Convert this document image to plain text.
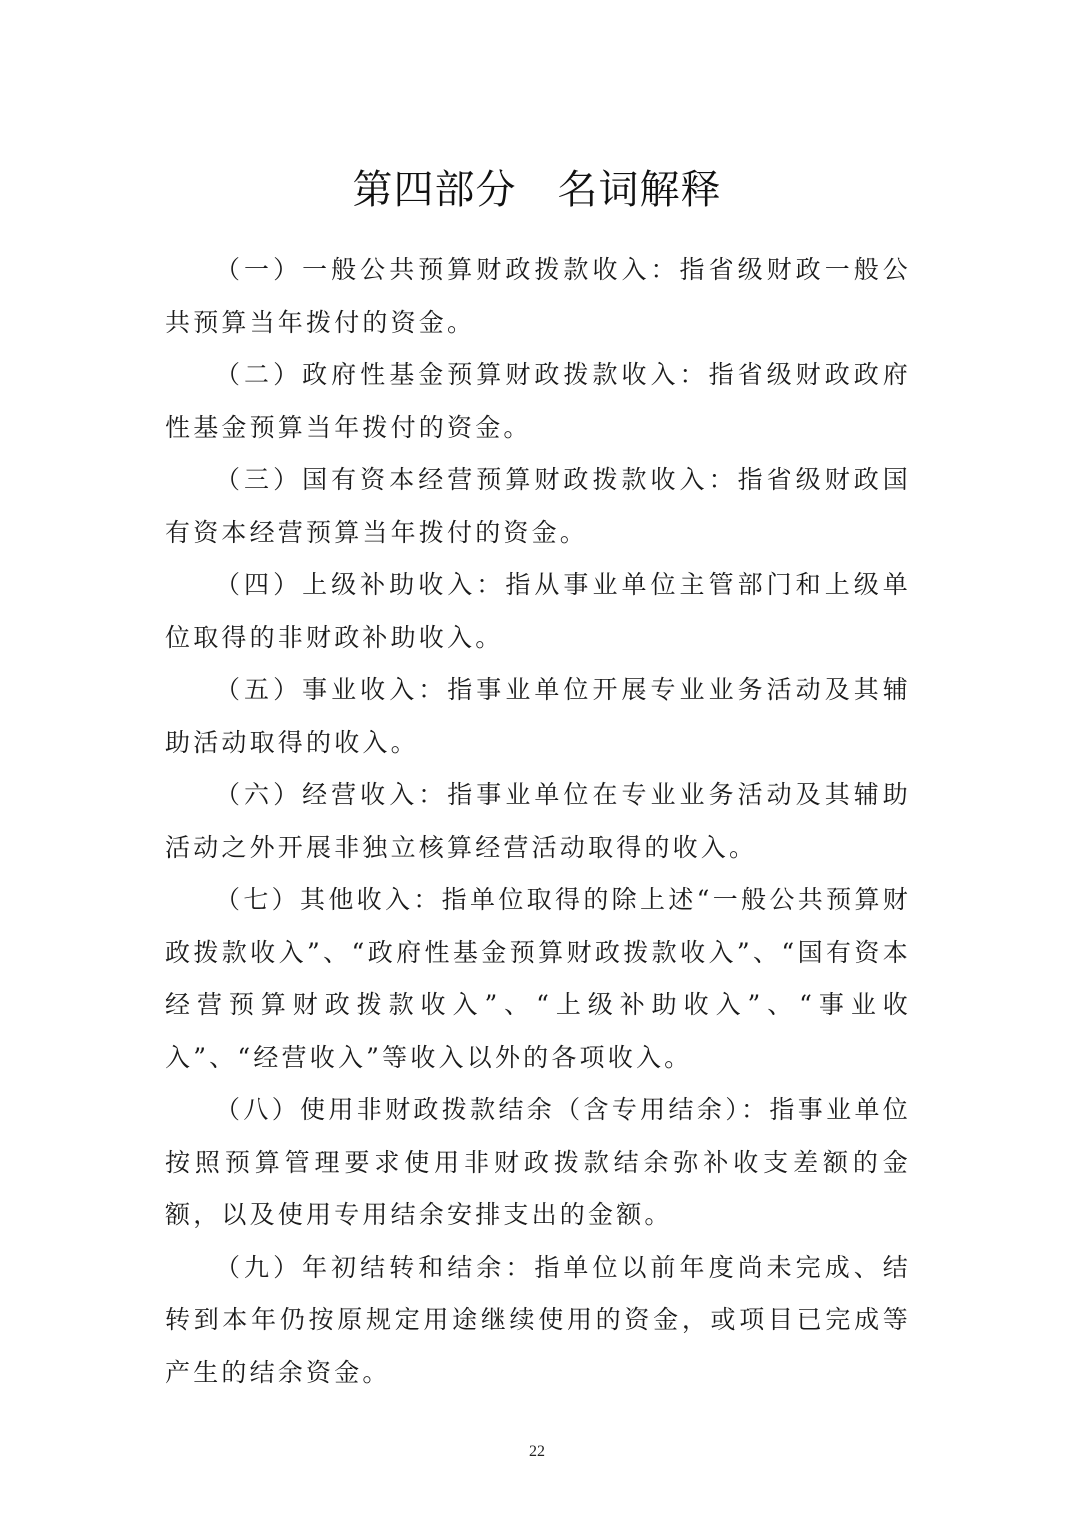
第四部分　名词解释

（一）一般公共预算财政拨款收入：指省级财政一般公共预算当年拨付的资金。

（二）政府性基金预算财政拨款收入：指省级财政政府性基金预算当年拨付的资金。

（三）国有资本经营预算财政拨款收入：指省级财政国有资本经营预算当年拨付的资金。

（四）上级补助收入：指从事业单位主管部门和上级单位取得的非财政补助收入。

（五）事业收入：指事业单位开展专业业务活动及其辅助活动取得的收入。

（六）经营收入：指事业单位在专业业务活动及其辅助活动之外开展非独立核算经营活动取得的收入。

（七）其他收入：指单位取得的除上述“一般公共预算财政拨款收入”、“政府性基金预算财政拨款收入”、“国有资本经营预算财政拨款收入”、“上级补助收入”、“事业收入”、“经营收入”等收入以外的各项收入。

（八）使用非财政拨款结余（含专用结余）：指事业单位按照预算管理要求使用非财政拨款结余弥补收支差额的金额，以及使用专用结余安排支出的金额。

（九）年初结转和结余：指单位以前年度尚未完成、结转到本年仍按原规定用途继续使用的资金，或项目已完成等产生的结余资金。

22
